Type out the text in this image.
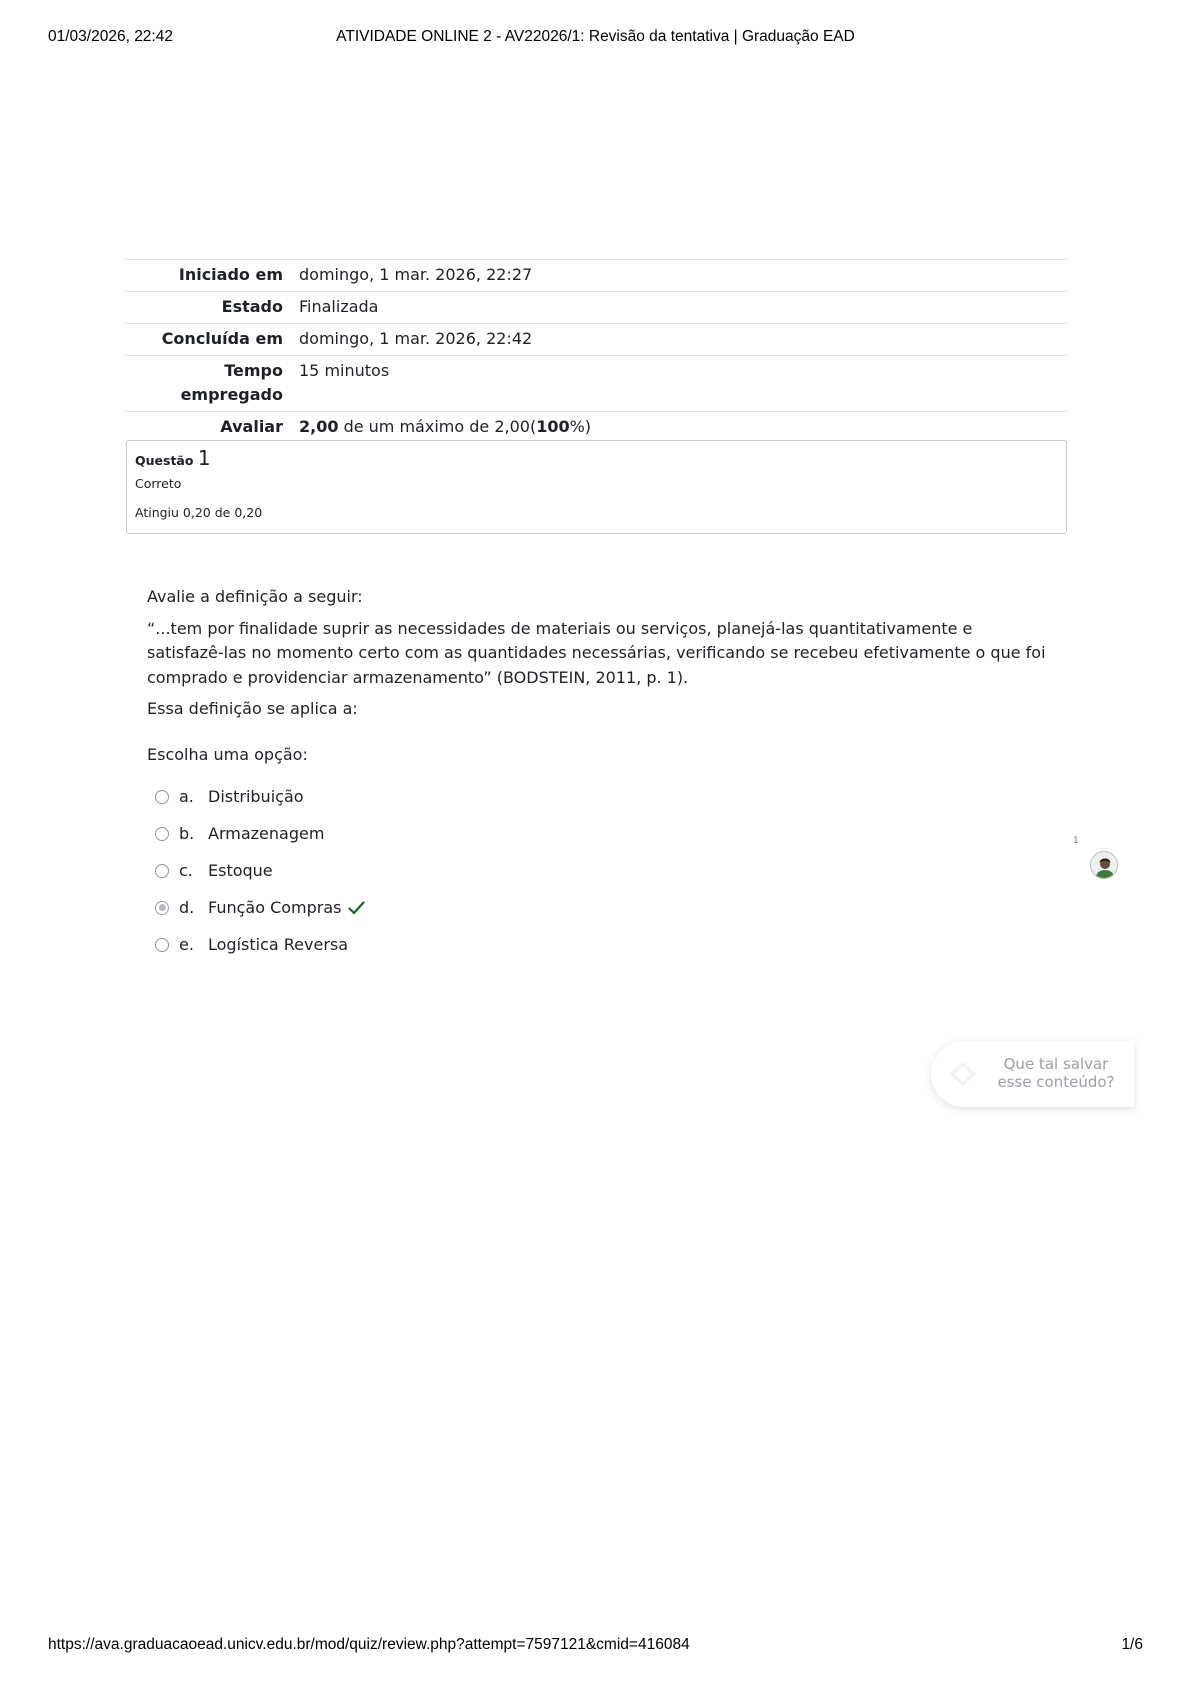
01/03/2026, 22:42	ATIVIDADE ONLINE 2 - AV22026/1: Revisão da tentativa | Graduação EAD
Iniciado em	domingo, 1 mar. 2026, 22:27
Estado	Finalizada
Concluída em	domingo, 1 mar. 2026, 22:42
Tempo empregado	15 minutos
Avaliar	2,00 de um máximo de 2,00(100%)
Questão 1
Correto
Atingiu 0,20 de 0,20

Avalie a definição a seguir:

“...tem por finalidade suprir as necessidades de materiais ou serviços, planejá-las quantitativamente e satisfazê-las no momento certo com as quantidades necessárias, verificando se recebeu efetivamente o que foi comprado e providenciar armazenamento” (BODSTEIN, 2011, p. 1).

Essa definição se aplica a:

Escolha uma opção:
a. Distribuição
b. Armazenagem
c. Estoque
d. Função Compras
e. Logística Reversa
1
Que tal salvar
esse conteúdo?
https://ava.graduacaoead.unicv.edu.br/mod/quiz/review.php?attempt=7597121&cmid=416084	1/6
